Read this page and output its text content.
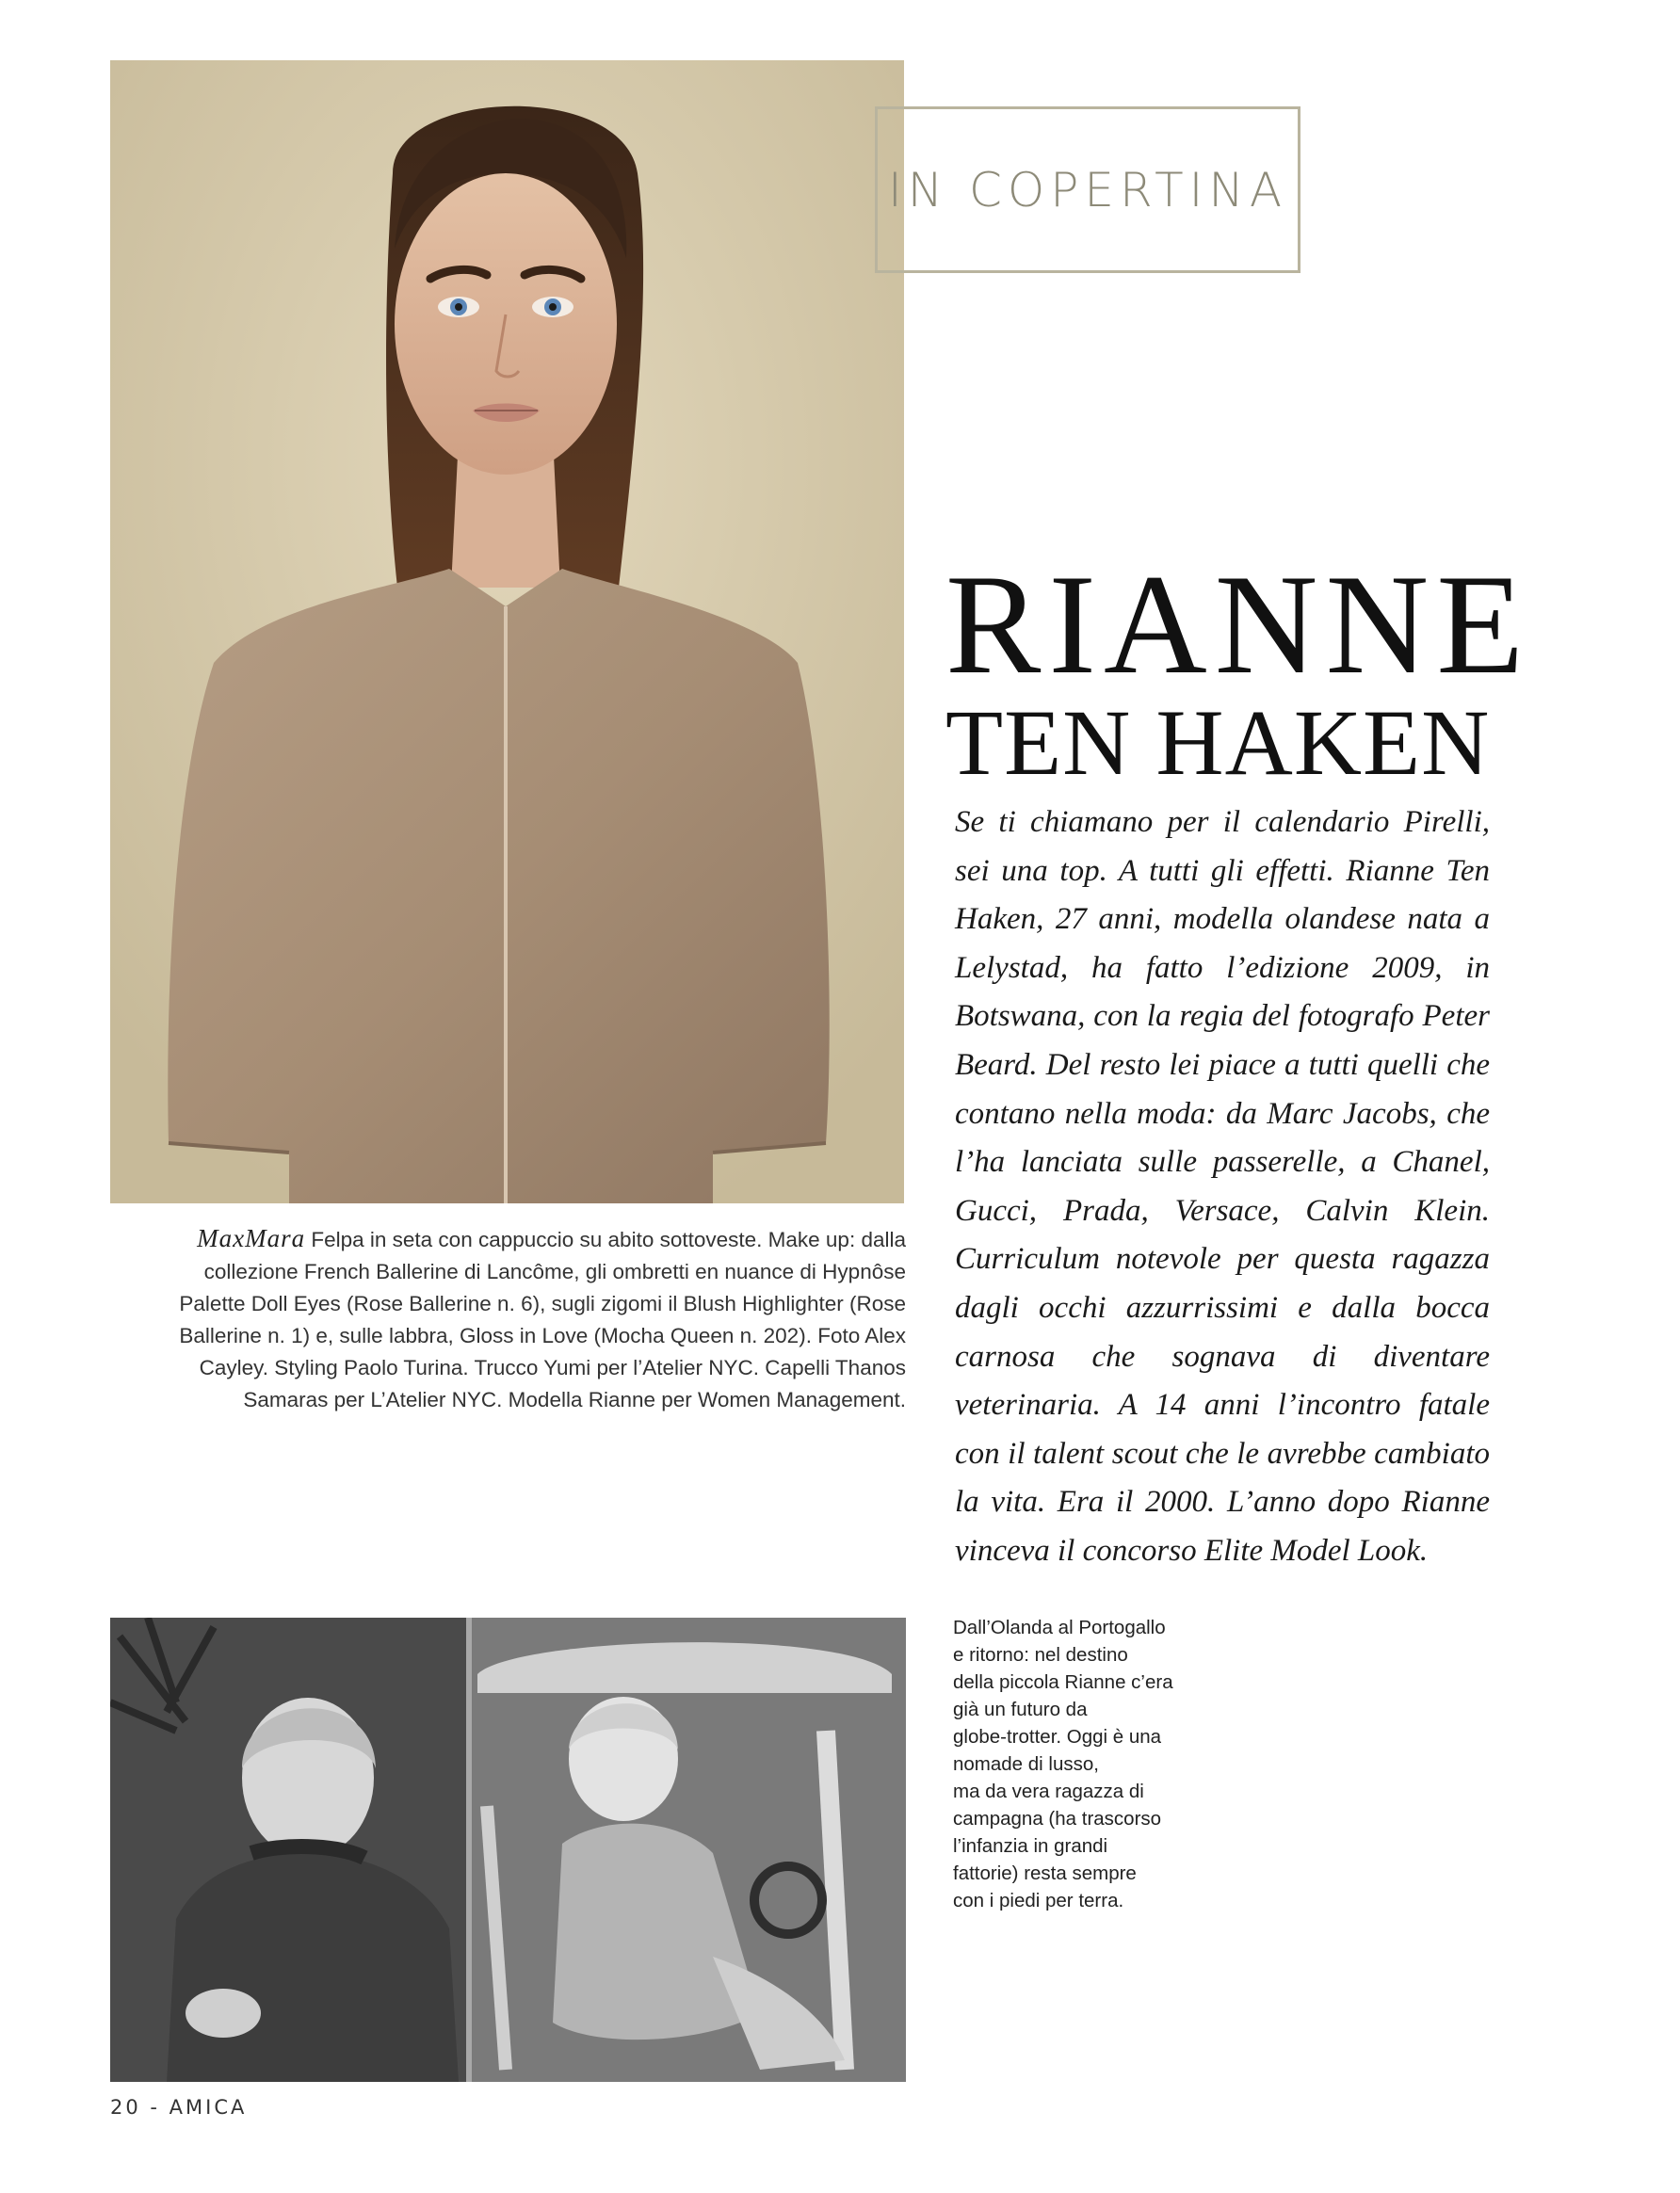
IN COPERTINA
RIANNE
TEN HAKEN
Se ti chiamano per il calendario Pirelli, sei una top. A tutti gli effetti. Rianne Ten Haken, 27 anni, modella olandese nata a Lelystad, ha fatto l’edizione 2009, in Botswana, con la regia del fotografo Peter Beard. Del resto lei piace a tutti quelli che contano nella moda: da Marc Jacobs, che l’ha lanciata sulle passerelle, a Chanel, Gucci, Prada, Versace, Calvin Klein. Curriculum notevole per questa ragazza dagli occhi azzurrissimi e dalla bocca carnosa che sognava di diventare veterinaria. A 14 anni l’incontro fatale con il talent scout che le avrebbe cambiato la vita. Era il 2000. L’anno dopo Rianne vinceva il concorso Elite Model Look.
MaxMara Felpa in seta con cappuccio su abito sottoveste. Make up: dalla collezione French Ballerine di Lancôme, gli ombretti en nuance di Hypnôse Palette Doll Eyes (Rose Ballerine n. 6), sugli zigomi il Blush Highlighter (Rose Ballerine n. 1) e, sulle labbra, Gloss in Love (Mocha Queen n. 202). Foto Alex Cayley. Styling Paolo Turina. Trucco Yumi per l’Atelier NYC. Capelli Thanos Samaras per L’Atelier NYC. Modella Rianne per Women Management.
Dall’Olanda al Portogallo
e ritorno: nel destino
della piccola Rianne c’era
già un futuro da
globe-trotter. Oggi è una
nomade di lusso,
ma da vera ragazza di
campagna (ha trascorso
l’infanzia in grandi
fattorie) resta sempre
con i piedi per terra.
20 - AMICA
